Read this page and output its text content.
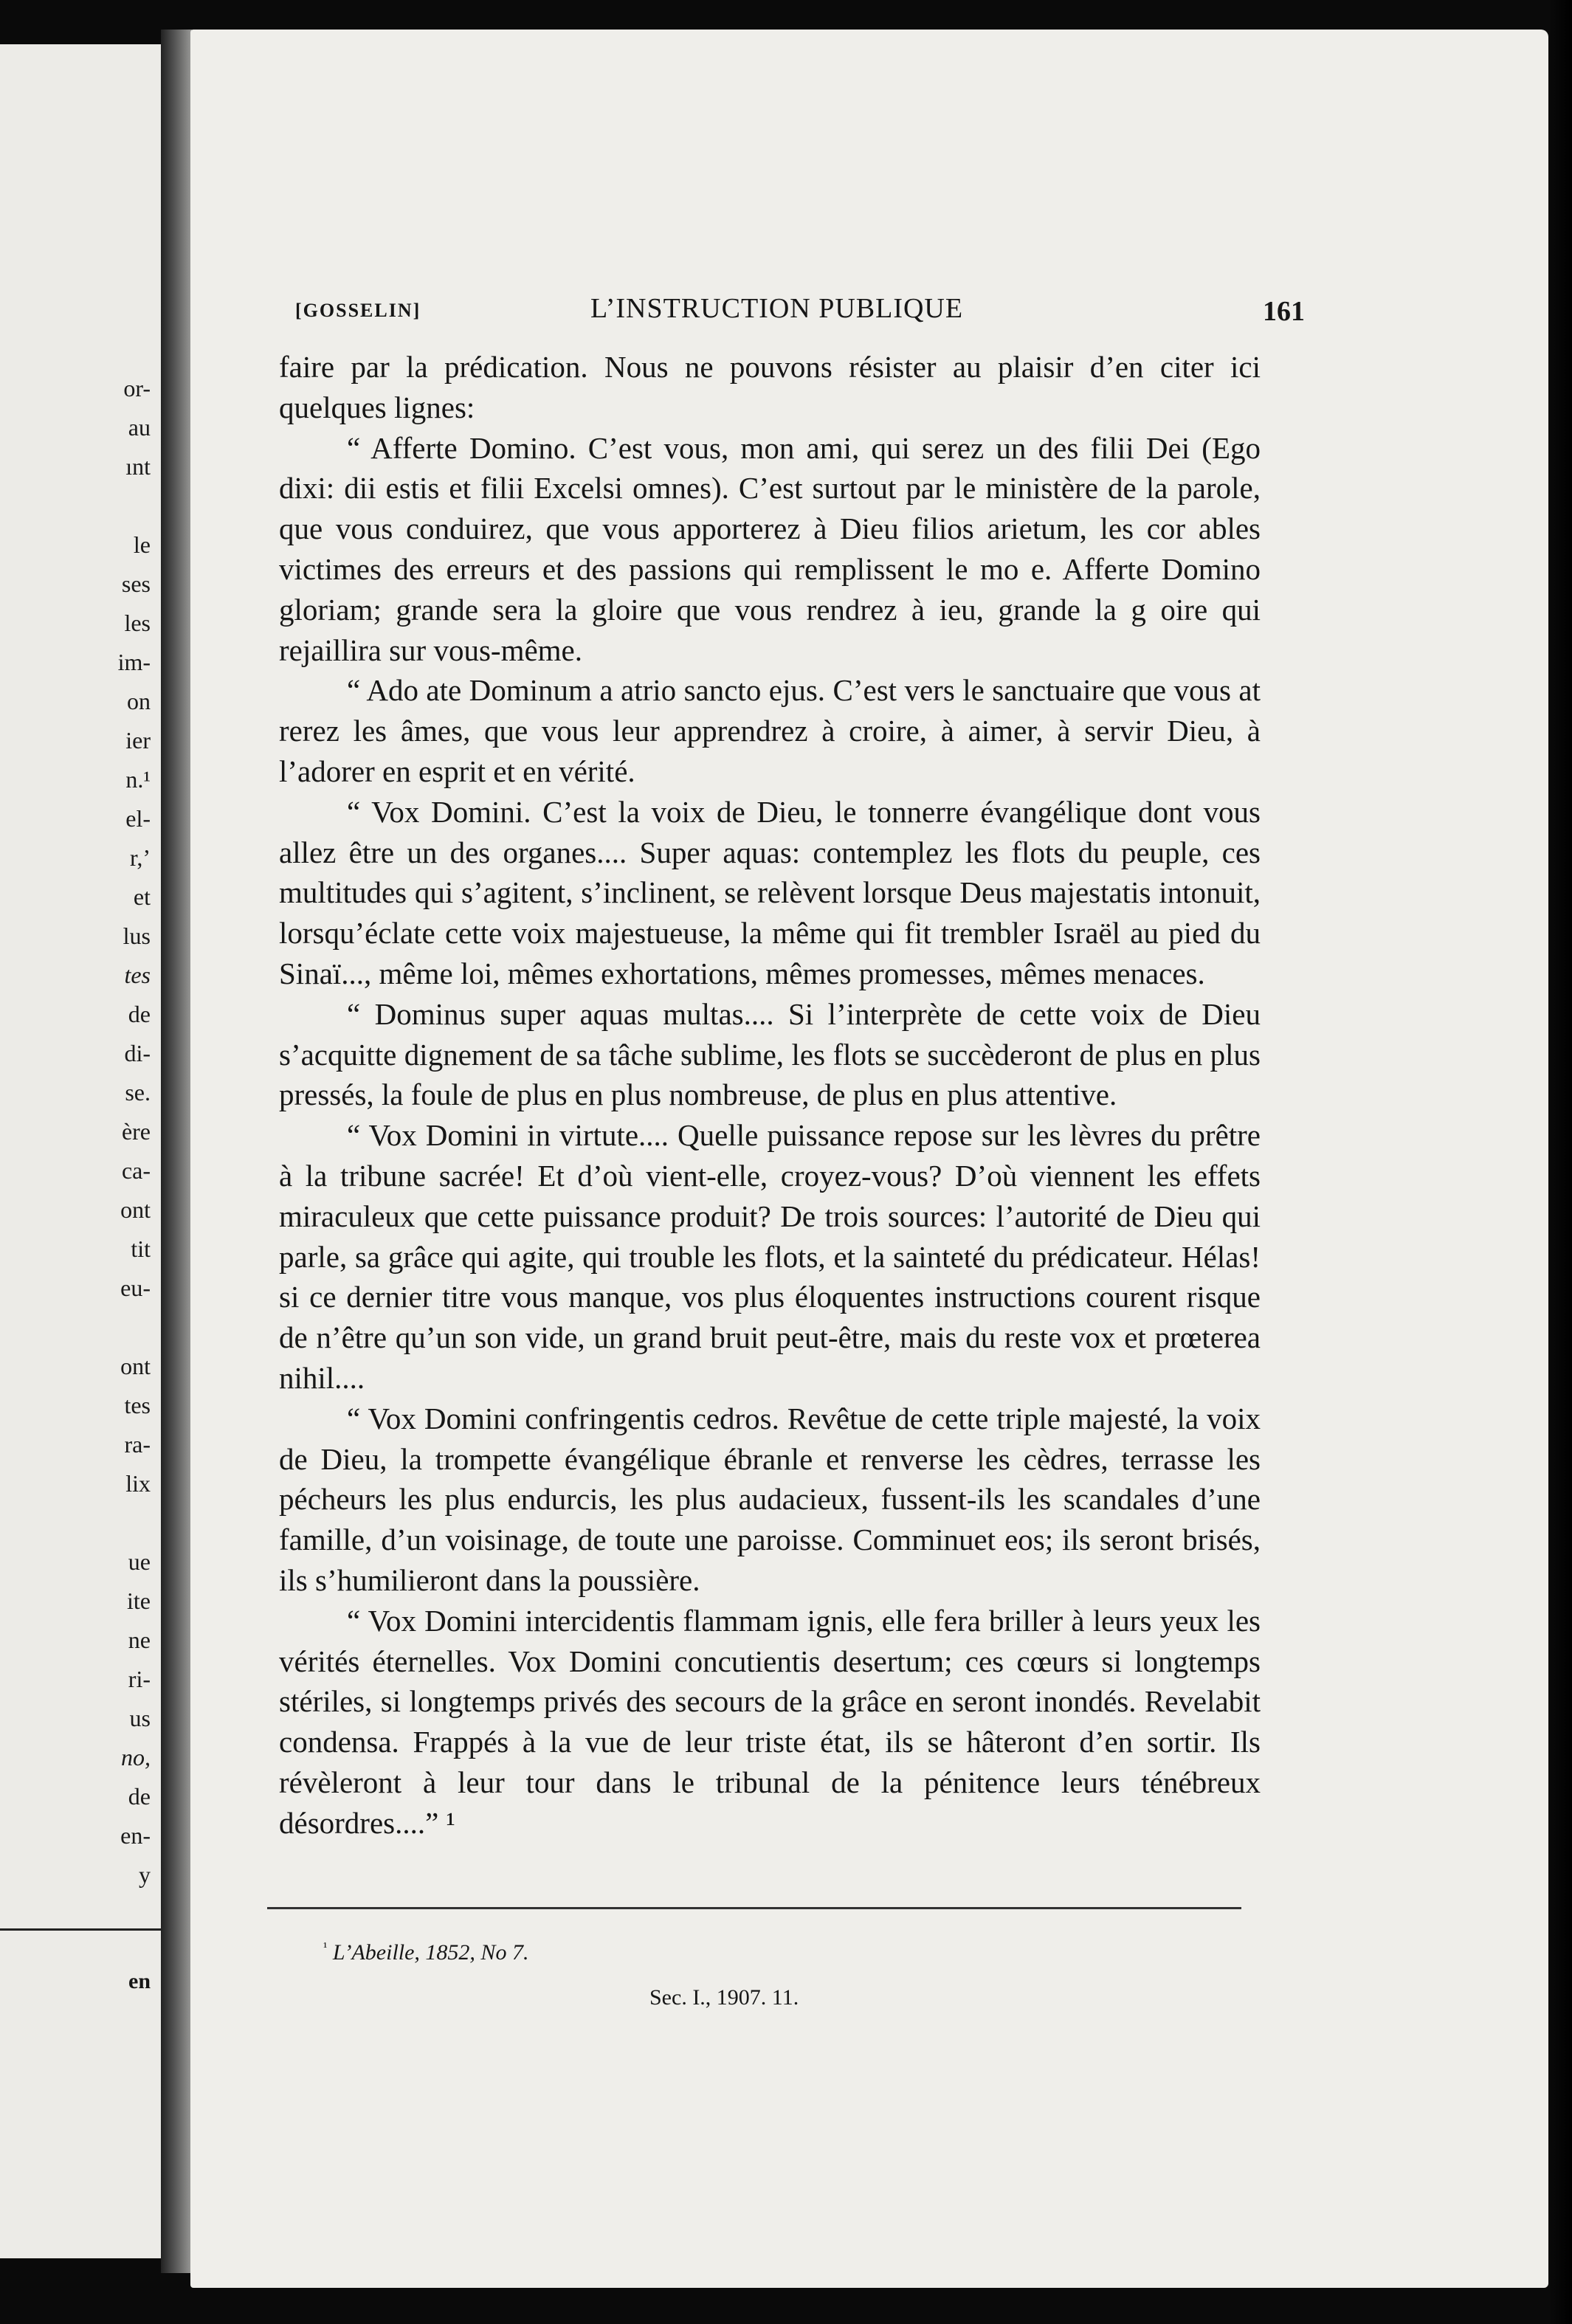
or-
au
ınt
le
ses
les
im-
on
ier
n.¹
el-
r,’
et
lus
tes
de
di-
se.
ère
ca-
ont
tit
eu-
ont
tes
ra-
lix
ue
ite
ne
ri-
us
no,
de
en-
y
en
[GOSSELIN]	L’INSTRUCTION PUBLIQUE	161

faire par la prédication. Nous ne pouvons résister au plaisir d’en citer ici quelques lignes:

“ Afferte Domino. C’est vous, mon ami, qui serez un des filii Dei (Ego dixi: dii estis et filii Excelsi omnes). C’est surtout par le ministère de la parole, que vous conduirez, que vous apporterez à Dieu filios arietum, les cor ables victimes des erreurs et des passions qui remplissent le mo e. Afferte Domino gloriam; grande sera la gloire que vous rendrez à ieu, grande la g oire qui rejaillira sur vous-même.

“ Ado ate Dominum a atrio sancto ejus. C’est vers le sanctuaire que vous at rerez les âmes, que vous leur apprendrez à croire, à aimer, à servir Dieu, à l’adorer en esprit et en vérité.

“ Vox Domini. C’est la voix de Dieu, le tonnerre évangélique dont vous allez être un des organes.... Super aquas: contemplez les flots du peuple, ces multitudes qui s’agitent, s’inclinent, se relèvent lorsque Deus majestatis intonuit, lorsqu’éclate cette voix majestueuse, la même qui fit trembler Israël au pied du Sinaï..., même loi, mêmes exhortations, mêmes promesses, mêmes menaces.

“ Dominus super aquas multas.... Si l’interprète de cette voix de Dieu s’acquitte dignement de sa tâche sublime, les flots se succèderont de plus en plus pressés, la foule de plus en plus nombreuse, de plus en plus attentive.

“ Vox Domini in virtute.... Quelle puissance repose sur les lèvres du prêtre à la tribune sacrée! Et d’où vient-elle, croyez-vous? D’où viennent les effets miraculeux que cette puissance produit? De trois sources: l’autorité de Dieu qui parle, sa grâce qui agite, qui trouble les flots, et la sainteté du prédicateur. Hélas! si ce dernier titre vous manque, vos plus éloquentes instructions courent risque de n’être qu’un son vide, un grand bruit peut-être, mais du reste vox et prœterea nihil....

“ Vox Domini confringentis cedros. Revêtue de cette triple majesté, la voix de Dieu, la trompette évangélique ébranle et renverse les cèdres, terrasse les pécheurs les plus endurcis, les plus audacieux, fussent-ils les scandales d’une famille, d’un voisinage, de toute une paroisse. Comminuet eos; ils seront brisés, ils s’humilieront dans la poussière.

“ Vox Domini intercidentis flammam ignis, elle fera briller à leurs yeux les vérités éternelles. Vox Domini concutientis desertum; ces cœurs si longtemps stériles, si longtemps privés des secours de la grâce en seront inondés. Revelabit condensa. Frappés à la vue de leur triste état, ils se hâteront d’en sortir. Ils révèleront à leur tour dans le tribunal de la pénitence leurs ténébreux désordres....” ¹

$^{^1}$ L’Abeille, 1852, No 7.
Sec. I., 1907. 11.
